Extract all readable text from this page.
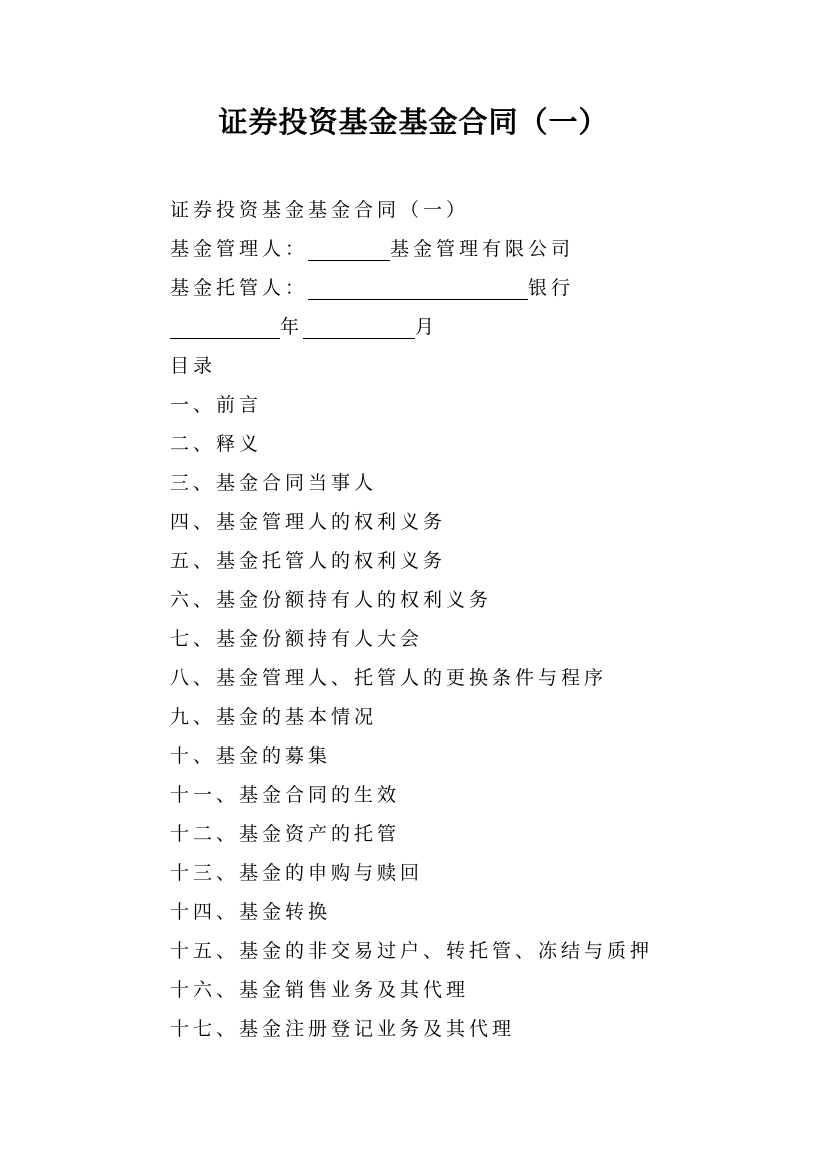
证券投资基金基金合同（一）
证券投资基金基金合同（一）
基金管理人：	基金管理有限公司
基金托管人：	银行
年	月
目录
一、前言
二、释义
三、基金合同当事人
四、基金管理人的权利义务
五、基金托管人的权利义务
六、基金份额持有人的权利义务
七、基金份额持有人大会
八、基金管理人、托管人的更换条件与程序
九、基金的基本情况
十、基金的募集
十一、基金合同的生效
十二、基金资产的托管
十三、基金的申购与赎回
十四、基金转换
十五、基金的非交易过户、转托管、冻结与质押
十六、基金销售业务及其代理
十七、基金注册登记业务及其代理
